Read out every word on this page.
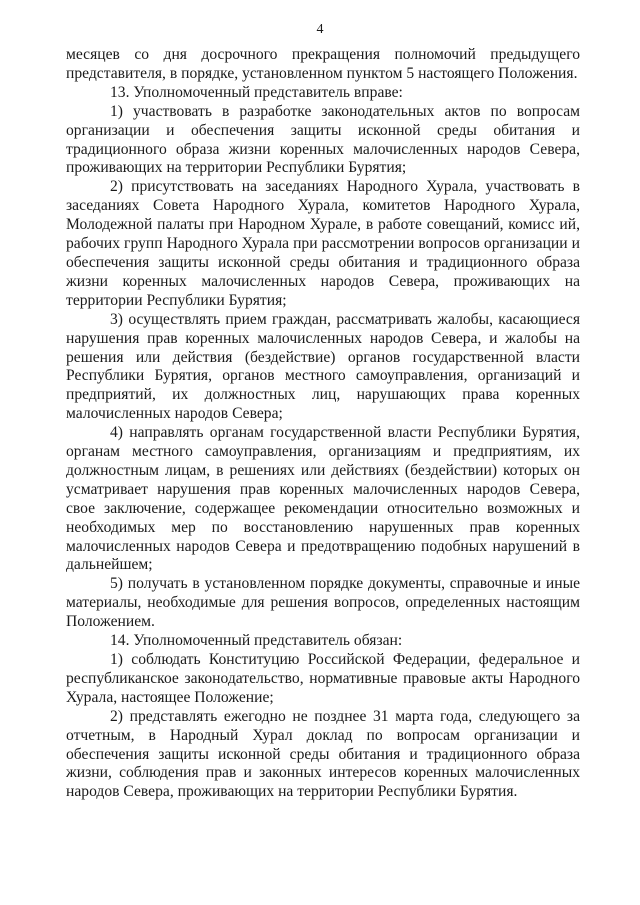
4

месяцев со дня досрочного прекращения полномочий предыдущего представителя, в порядке, установленном пунктом 5 настоящего Положения.

13. Уполномоченный представитель вправе:

1) участвовать в разработке законодательных актов по вопросам организации и обеспечения защиты исконной среды обитания и традиционного образа жизни коренных малочисленных народов Севера, проживающих на территории Республики Бурятия;

2) присутствовать на заседаниях Народного Хурала, участвовать в заседаниях Совета Народного Хурала, комитетов Народного Хурала, Молодежной палаты при Народном Хурале, в работе совещаний, комисс ий, рабочих групп Народного Хурала при рассмотрении вопросов организации и обеспечения защиты исконной среды обитания и традиционного образа жизни коренных малочисленных народов Севера, проживающих на территории Республики Бурятия;

3) осуществлять прием граждан, рассматривать жалобы, касающиеся нарушения прав коренных малочисленных народов Севера, и жалобы на решения или действия (бездействие) органов государственной власти Республики Бурятия, органов местного самоуправления, организаций и предприятий, их должностных лиц, нарушающих права коренных малочисленных народов Севера;

4) направлять органам государственной власти Республики Бурятия, органам местного самоуправления, организациям и предприятиям, их должностным лицам, в решениях или действиях (бездействии) которых он усматривает нарушения прав коренных малочисленных народов Севера, свое заключение, содержащее рекомендации относительно возможных и необходимых мер по восстановлению нарушенных прав коренных малочисленных народов Севера и предотвращению подобных нарушений в дальнейшем;

5) получать в установленном порядке документы, справочные и иные материалы, необходимые для решения вопросов, определенных настоящим Положением.

14. Уполномоченный представитель обязан:

1) соблюдать Конституцию Российской Федерации, федеральное и республиканское законодательство, нормативные правовые акты Народного Хурала, настоящее Положение;

2) представлять ежегодно не позднее 31 марта года, следующего за отчетным, в Народный Хурал доклад по вопросам организации и обеспечения защиты исконной среды обитания и традиционного образа жизни, соблюдения прав и законных интересов коренных малочисленных народов Севера, проживающих на территории Республики Бурятия.
